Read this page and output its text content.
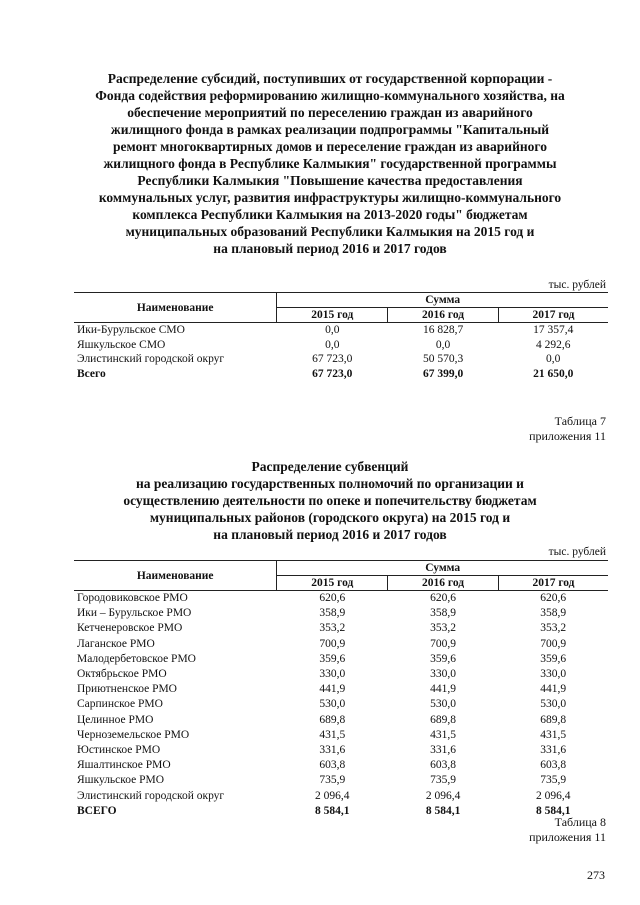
Распределение субсидий, поступивших от государственной корпорации -
Фонда содействия реформированию жилищно-коммунального хозяйства, на
обеспечение мероприятий по переселению граждан из аварийного
жилищного фонда в рамках реализации подпрограммы "Капитальный
ремонт многоквартирных домов и переселение граждан из аварийного
жилищного фонда в Республике Калмыкия" государственной программы
Республики Калмыкия "Повышение качества предоставления
коммунальных услуг, развития инфраструктуры жилищно-коммунального
комплекса Республики Калмыкия на 2013-2020 годы" бюджетам
муниципальных образований Республики Калмыкия на 2015 год и
на плановый период 2016 и 2017 годов
тыс. рублей
Наименование	Сумма		
	2015 год	2016 год	2017 год
Ики-Бурульское СМО	0,0	16 828,7	17 357,4
Яшкульское СМО	0,0	0,0	4 292,6
Элистинский городской округ	67 723,0	50 570,3	0,0
Всего	67 723,0	67 399,0	21 650,0
Таблица 7
приложения 11
Распределение субвенций
на реализацию государственных полномочий по организации и
осуществлению деятельности по опеке и попечительству бюджетам
муниципальных районов (городского округа) на 2015 год и
на плановый период 2016 и 2017 годов
тыс. рублей
Наименование	Сумма		
	2015 год	2016 год	2017 год
Городовиковское РМО	620,6	620,6	620,6
Ики – Бурульское РМО	358,9	358,9	358,9
Кетченеровское РМО	353,2	353,2	353,2
Лаганское РМО	700,9	700,9	700,9
Малодербетовское РМО	359,6	359,6	359,6
Октябрьское РМО	330,0	330,0	330,0
Приютненское РМО	441,9	441,9	441,9
Сарпинское РМО	530,0	530,0	530,0
Целинное РМО	689,8	689,8	689,8
Черноземельское РМО	431,5	431,5	431,5
Юстинское РМО	331,6	331,6	331,6
Яшалтинское РМО	603,8	603,8	603,8
Яшкульское РМО	735,9	735,9	735,9
Элистинский городской округ	2 096,4	2 096,4	2 096,4
ВСЕГО	8 584,1	8 584,1	8 584,1
Таблица 8
приложения 11
273
